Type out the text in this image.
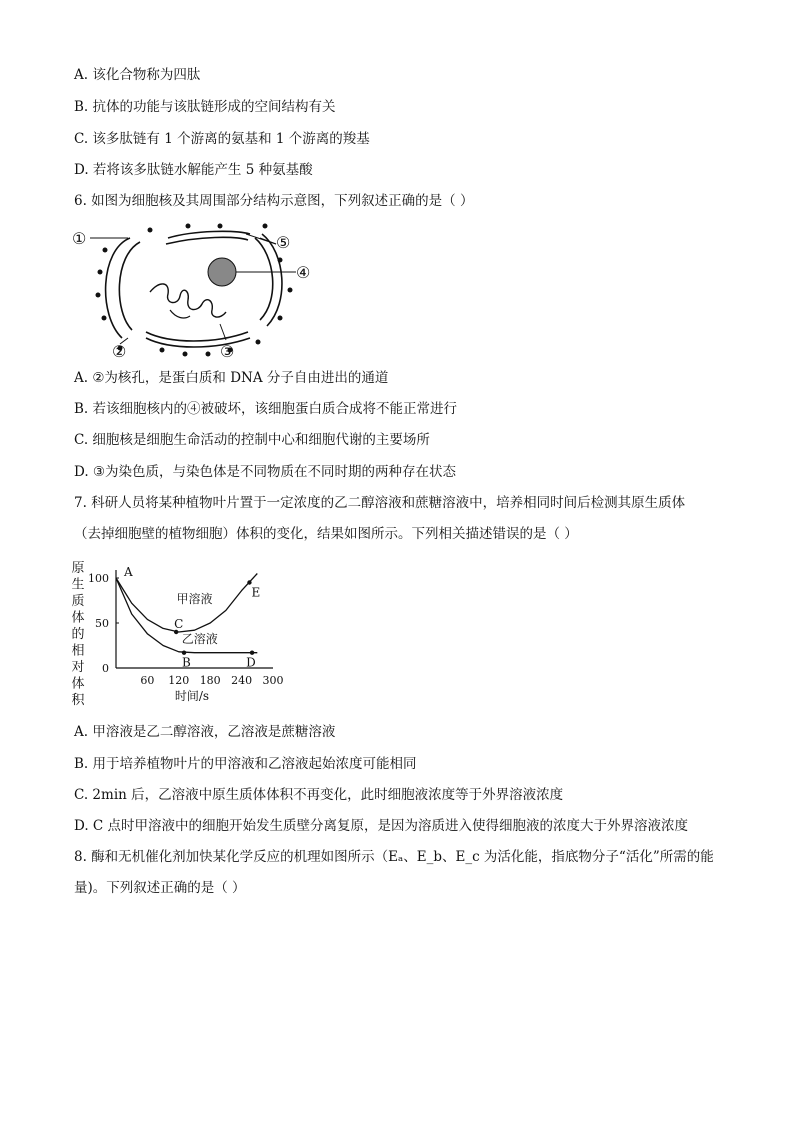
A. 该化合物称为四肽
B. 抗体的功能与该肽链形成的空间结构有关
C. 该多肽链有 1 个游离的氨基和 1 个游离的羧基
D. 若将该多肽链水解能产生 5 种氨基酸
6. 如图为细胞核及其周围部分结构示意图，下列叙述正确的是（ ）
①
②	③
④
⑤
A. ②为核孔，是蛋白质和 DNA 分子自由进出的通道
B. 若该细胞核内的④被破坏，该细胞蛋白质合成将不能正常进行
C. 细胞核是细胞生命活动的控制中心和细胞代谢的主要场所
D. ③为染色质，与染色体是不同物质在不同时期的两种存在状态
7. 科研人员将某种植物叶片置于一定浓度的乙二醇溶液和蔗糖溶液中，培养相同时间后检测其原生质体
（去掉细胞壁的植物细胞）体积的变化，结果如图所示。下列相关描述错误的是（ ）
原
生
质
体
的
相
对
体
积
60 120 180 240 300
0
50
100
甲溶液
乙溶液
A
C
E
B	D
时间/s
A. 甲溶液是乙二醇溶液，乙溶液是蔗糖溶液
B. 用于培养植物叶片的甲溶液和乙溶液起始浓度可能相同
C. 2min 后，乙溶液中原生质体体积不再变化，此时细胞液浓度等于外界溶液浓度
D. C 点时甲溶液中的细胞开始发生质壁分离复原，是因为溶质进入使得细胞液的浓度大于外界溶液浓度
8. 酶和无机催化剂加快某化学反应的机理如图所示（Eₐ、E_b、E_c 为活化能，指底物分子“活化”所需的能
量)。下列叙述正确的是（ ）
